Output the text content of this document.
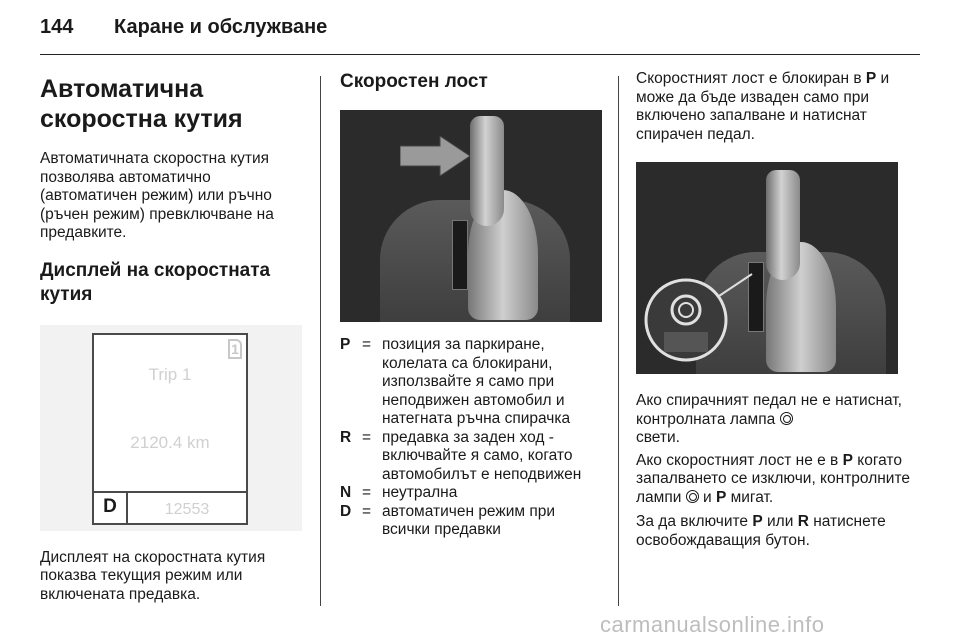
144 Каране и обслужване
Автоматична скоростна кутия

Автоматичната скоростна кутия позволява автоматично (автоматичен режим) или ръчно (ръчен режим) превключване на предавките.

Дисплей на скоростната кутия
1
Trip 1
2120.4 km
D	12553

Дисплеят на скоростната кутия показва текущия режим или включената предавка.

Скоростен лост
P = позиция за паркиране, колелата са блокирани, използвайте я само при неподвижен автомобил и натегната ръчна спирачка
R = предавка за заден ход - включвайте я само, когато автомобилът е неподвижен
N = неутрална
D = автоматичен режим при всички предавки

Скоростният лост е блокиран в P и може да бъде изваден само при включено запалване и натиснат спирачен педал.

Ако спирачният педал не е натиснат, контролната лампа
свети.

Ако скоростният лост не е в P когато запалването се изключи, контролните лампи  и P мигат.

За да включите P или R натиснете освобождаващия бутон.

carmanualsonline.info
